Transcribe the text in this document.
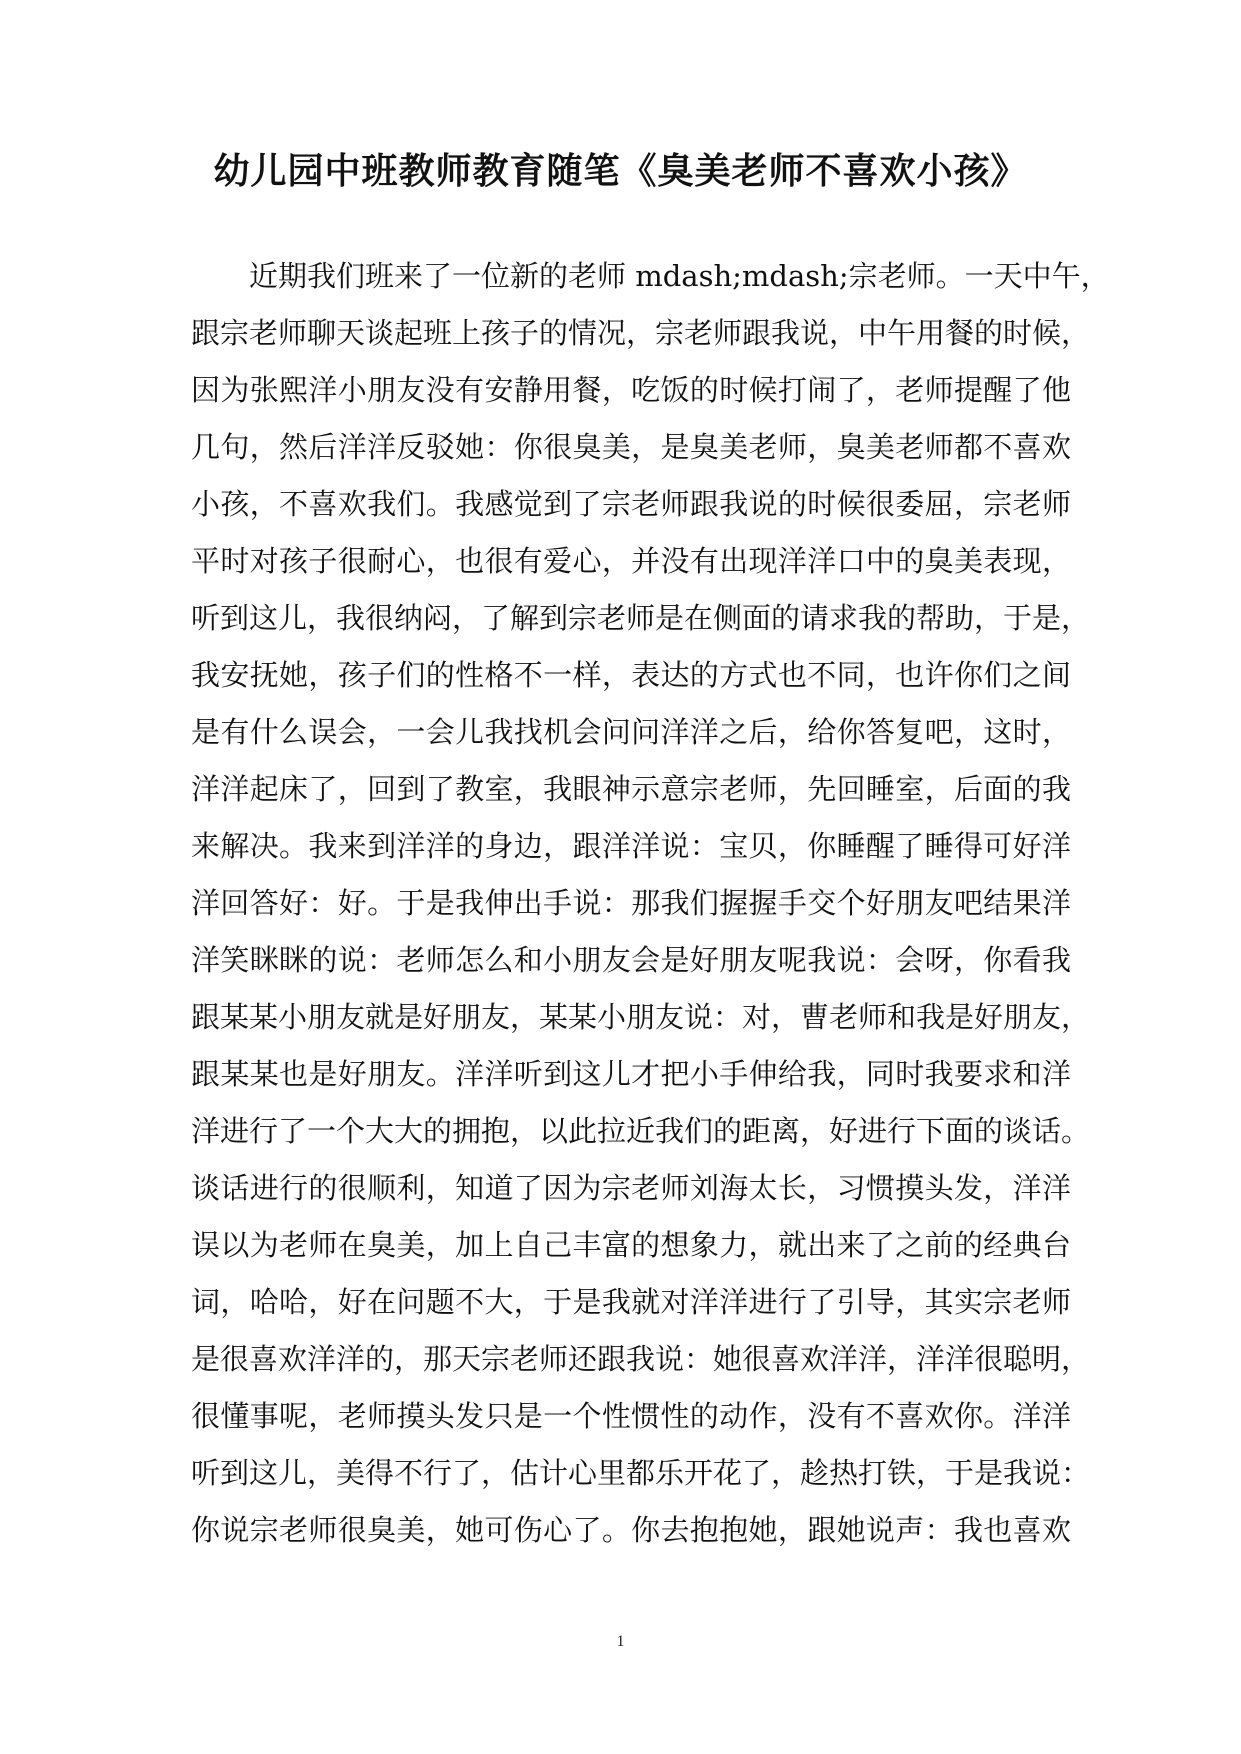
幼儿园中班教师教育随笔《臭美老师不喜欢小孩》
近期我们班来了一位新的老师 mdash;mdash;宗老师。一天中午，
跟宗老师聊天谈起班上孩子的情况，宗老师跟我说，中午用餐的时候，
因为张熙洋小朋友没有安静用餐，吃饭的时候打闹了，老师提醒了他
几句，然后洋洋反驳她：你很臭美，是臭美老师，臭美老师都不喜欢
小孩，不喜欢我们。我感觉到了宗老师跟我说的时候很委屈，宗老师
平时对孩子很耐心，也很有爱心，并没有出现洋洋口中的臭美表现，
听到这儿，我很纳闷，了解到宗老师是在侧面的请求我的帮助，于是，
我安抚她，孩子们的性格不一样，表达的方式也不同，也许你们之间
是有什么误会，一会儿我找机会问问洋洋之后，给你答复吧，这时，
洋洋起床了，回到了教室，我眼神示意宗老师，先回睡室，后面的我
来解决。我来到洋洋的身边，跟洋洋说：宝贝，你睡醒了睡得可好洋
洋回答好：好。于是我伸出手说：那我们握握手交个好朋友吧结果洋
洋笑眯眯的说：老师怎么和小朋友会是好朋友呢我说：会呀，你看我
跟某某小朋友就是好朋友，某某小朋友说：对，曹老师和我是好朋友，
跟某某也是好朋友。洋洋听到这儿才把小手伸给我，同时我要求和洋
洋进行了一个大大的拥抱，以此拉近我们的距离，好进行下面的谈话。
谈话进行的很顺利，知道了因为宗老师刘海太长，习惯摸头发，洋洋
误以为老师在臭美，加上自己丰富的想象力，就出来了之前的经典台
词，哈哈，好在问题不大，于是我就对洋洋进行了引导，其实宗老师
是很喜欢洋洋的，那天宗老师还跟我说：她很喜欢洋洋，洋洋很聪明，
很懂事呢，老师摸头发只是一个性惯性的动作，没有不喜欢你。洋洋
听到这儿，美得不行了，估计心里都乐开花了，趁热打铁，于是我说：
你说宗老师很臭美，她可伤心了。你去抱抱她，跟她说声：我也喜欢
1
